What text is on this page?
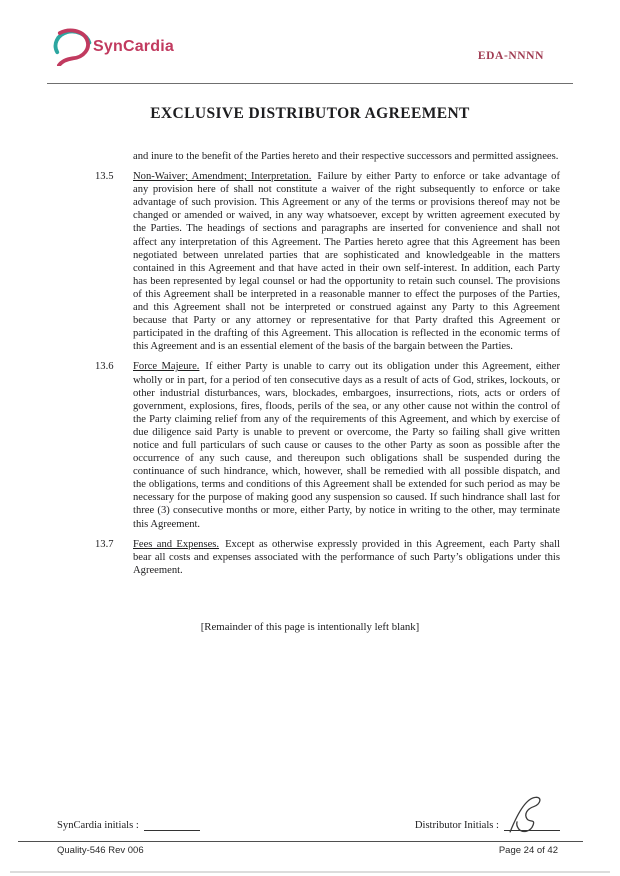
SynCardia
EDA-NNNN
EXCLUSIVE DISTRIBUTOR AGREEMENT
and inure to the benefit of the Parties hereto and their respective successors and permitted assignees.
13.5	Non-Waiver; Amendment; Interpretation. Failure by either Party to enforce or take advantage of any provision here of shall not constitute a waiver of the right subsequently to enforce or take advantage of such provision. This Agreement or any of the terms or provisions thereof may not be changed or amended or waived, in any way whatsoever, except by written agreement executed by the Parties. The headings of sections and paragraphs are inserted for convenience and shall not affect any interpretation of this Agreement. The Parties hereto agree that this Agreement has been negotiated between unrelated parties that are sophisticated and knowledgeable in the matters contained in this Agreement and that have acted in their own self-interest. In addition, each Party has been represented by legal counsel or had the opportunity to retain such counsel. The provisions of this Agreement shall be interpreted in a reasonable manner to effect the purposes of the Parties, and this Agreement shall not be interpreted or construed against any Party to this Agreement because that Party or any attorney or representative for that Party drafted this Agreement or participated in the drafting of this Agreement. This allocation is reflected in the economic terms of this Agreement and is an essential element of the basis of the bargain between the Parties.
13.6	Force Majeure. If either Party is unable to carry out its obligation under this Agreement, either wholly or in part, for a period of ten consecutive days as a result of acts of God, strikes, lockouts, or other industrial disturbances, wars, blockades, embargoes, insurrections, riots, acts or orders of government, explosions, fires, floods, perils of the sea, or any other cause not within the control of the Party claiming relief from any of the requirements of this Agreement, and which by exercise of due diligence said Party is unable to prevent or overcome, the Party so failing shall give written notice and full particulars of such cause or causes to the other Party as soon as possible after the occurrence of any such cause, and thereupon such obligations shall be suspended during the continuance of such hindrance, which, however, shall be remedied with all possible dispatch, and the obligations, terms and conditions of this Agreement shall be extended for such period as may be necessary for the purpose of making good any suspension so caused. If such hindrance shall last for three (3) consecutive months or more, either Party, by notice in writing to the other, may terminate this Agreement.
13.7	Fees and Expenses. Except as otherwise expressly provided in this Agreement, each Party shall bear all costs and expenses associated with the performance of such Party’s obligations under this Agreement.

[Remainder of this page is intentionally left blank]

SynCardia initials :	Distributor Initials :
Quality-546 Rev 006	Page 24 of 42
